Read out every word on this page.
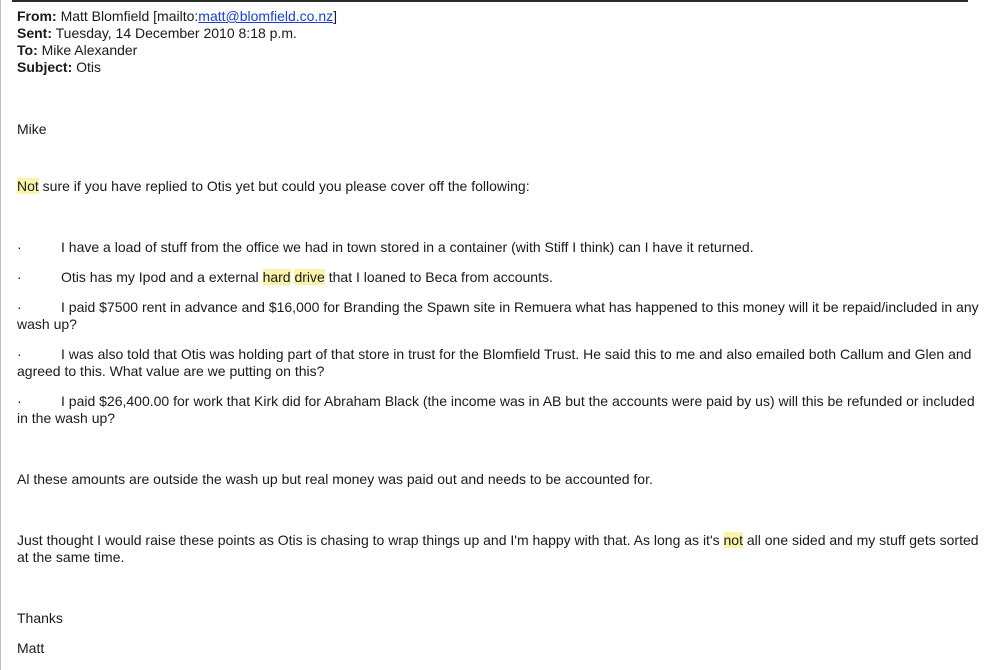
From: Matt Blomfield [mailto:matt@blomfield.co.nz]
Sent: Tuesday, 14 December 2010 8:18 p.m.
To: Mike Alexander
Subject: Otis

Mike

Not sure if you have replied to Otis yet but could you please cover off the following:

·	I have a load of stuff from the office we had in town stored in a container (with Stiff I think) can I have it returned.

·	Otis has my Ipod and a external hard drive that I loaned to Beca from accounts.

·	I paid $7500 rent in advance and $16,000 for Branding the Spawn site in Remuera what has happened to this money will it be repaid/included in any wash up?

·	I was also told that Otis was holding part of that store in trust for the Blomfield Trust. He said this to me and also emailed both Callum and Glen and agreed to this. What value are we putting on this?

·	I paid $26,400.00 for work that Kirk did for Abraham Black (the income was in AB but the accounts were paid by us) will this be refunded or included in the wash up?

Al these amounts are outside the wash up but real money was paid out and needs to be accounted for.

Just thought I would raise these points as Otis is chasing to wrap things up and I'm happy with that. As long as it's not all one sided and my stuff gets sorted at the same time.

Thanks

Matt
